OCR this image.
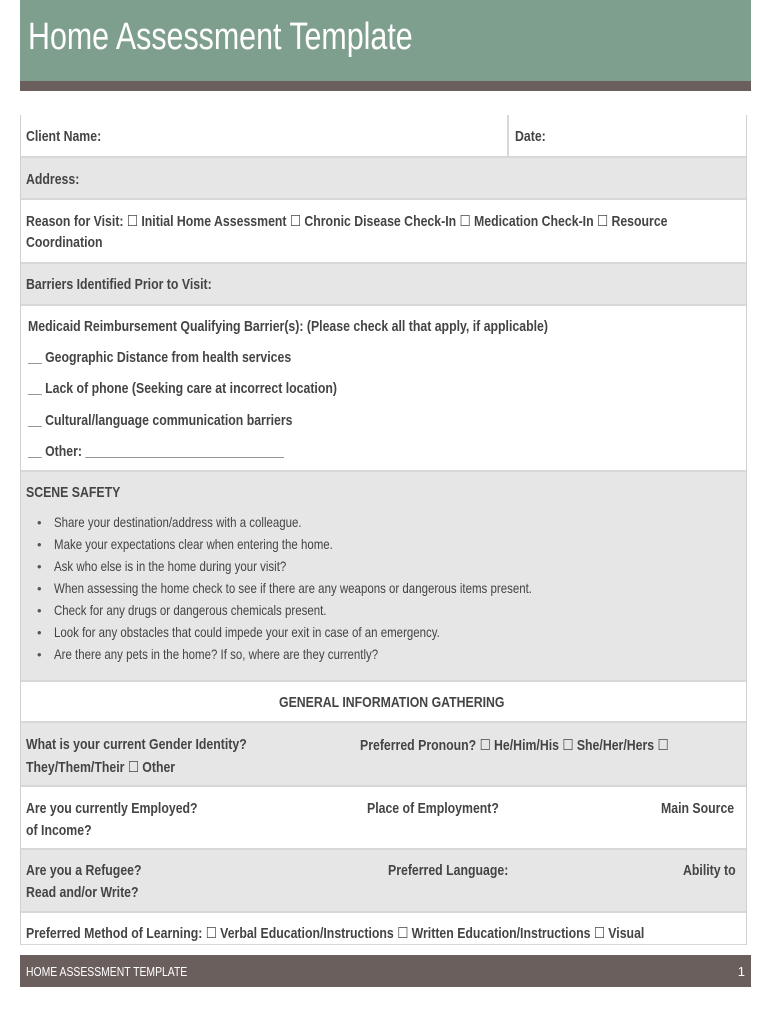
Home Assessment Template
Client Name:	Date:
Address:
Reason for Visit: ☐ Initial Home Assessment ☐ Chronic Disease Check-In ☐ Medication Check-In ☐ Resource
Coordination
Barriers Identified Prior to Visit:
Medicaid Reimbursement Qualifying Barrier(s): (Please check all that apply, if applicable)
__ Geographic Distance from health services
__ Lack of phone (Seeking care at incorrect location)
__ Cultural/language communication barriers
__ Other: _____________________________
SCENE SAFETY
• Share your destination/address with a colleague.
• Make your expectations clear when entering the home.
• Ask who else is in the home during your visit?
• When assessing the home check to see if there are any weapons or dangerous items present.
• Check for any drugs or dangerous chemicals present.
• Look for any obstacles that could impede your exit in case of an emergency.
• Are there any pets in the home? If so, where are they currently?
GENERAL INFORMATION GATHERING
What is your current Gender Identity?	Preferred Pronoun? ☐ He/Him/His ☐ She/Her/Hers ☐
They/Them/Their ☐ Other
Are you currently Employed?	Place of Employment?	Main Source
of Income?
Are you a Refugee?	Preferred Language:	Ability to
Read and/or Write?
Preferred Method of Learning: ☐ Verbal Education/Instructions ☐ Written Education/Instructions ☐ Visual
HOME ASSESSMENT TEMPLATE	1
